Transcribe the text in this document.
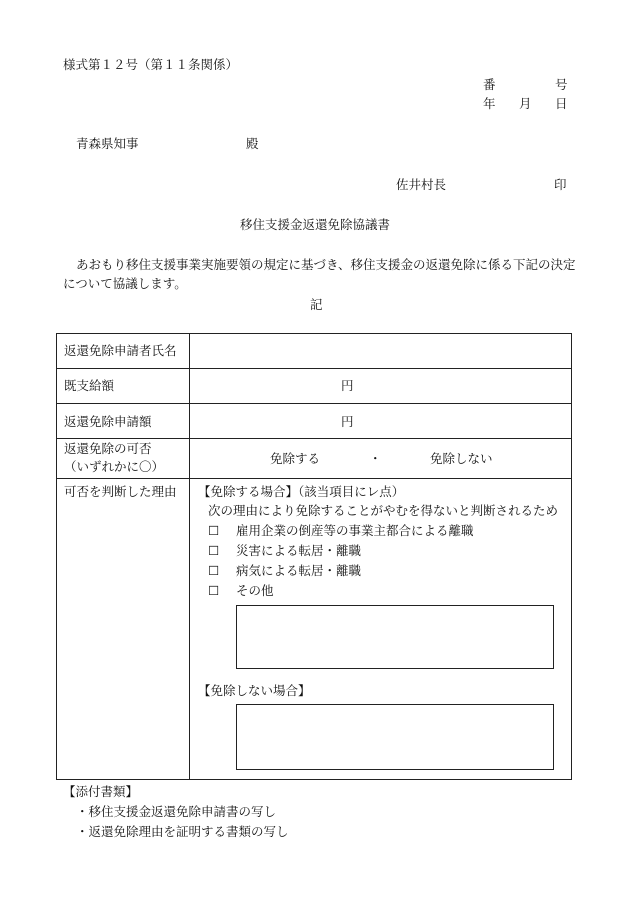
様式第１２号（第１１条関係）
番	号
年 月 日
青森県知事	殿
佐井村長	印
移住支援金返還免除協議書
あおもり移住支援事業実施要領の規定に基づき、移住支援金の返還免除に係る下記の決定
について協議します。
記
返還免除申請者氏名
既支給額	円
返還免除申請額	円
返還免除の可否
（いずれかに〇）
免除する	・	免除しない
可否を判断した理由 【免除する場合】（該当項目にレ点）
次の理由により免除することがやむを得ないと判断されるため
☐ 雇用企業の倒産等の事業主都合による離職
☐ 災害による転居・離職
☐ 病気による転居・離職
☐ その他
【免除しない場合】
【添付書類】
・移住支援金返還免除申請書の写し
・返還免除理由を証明する書類の写し
